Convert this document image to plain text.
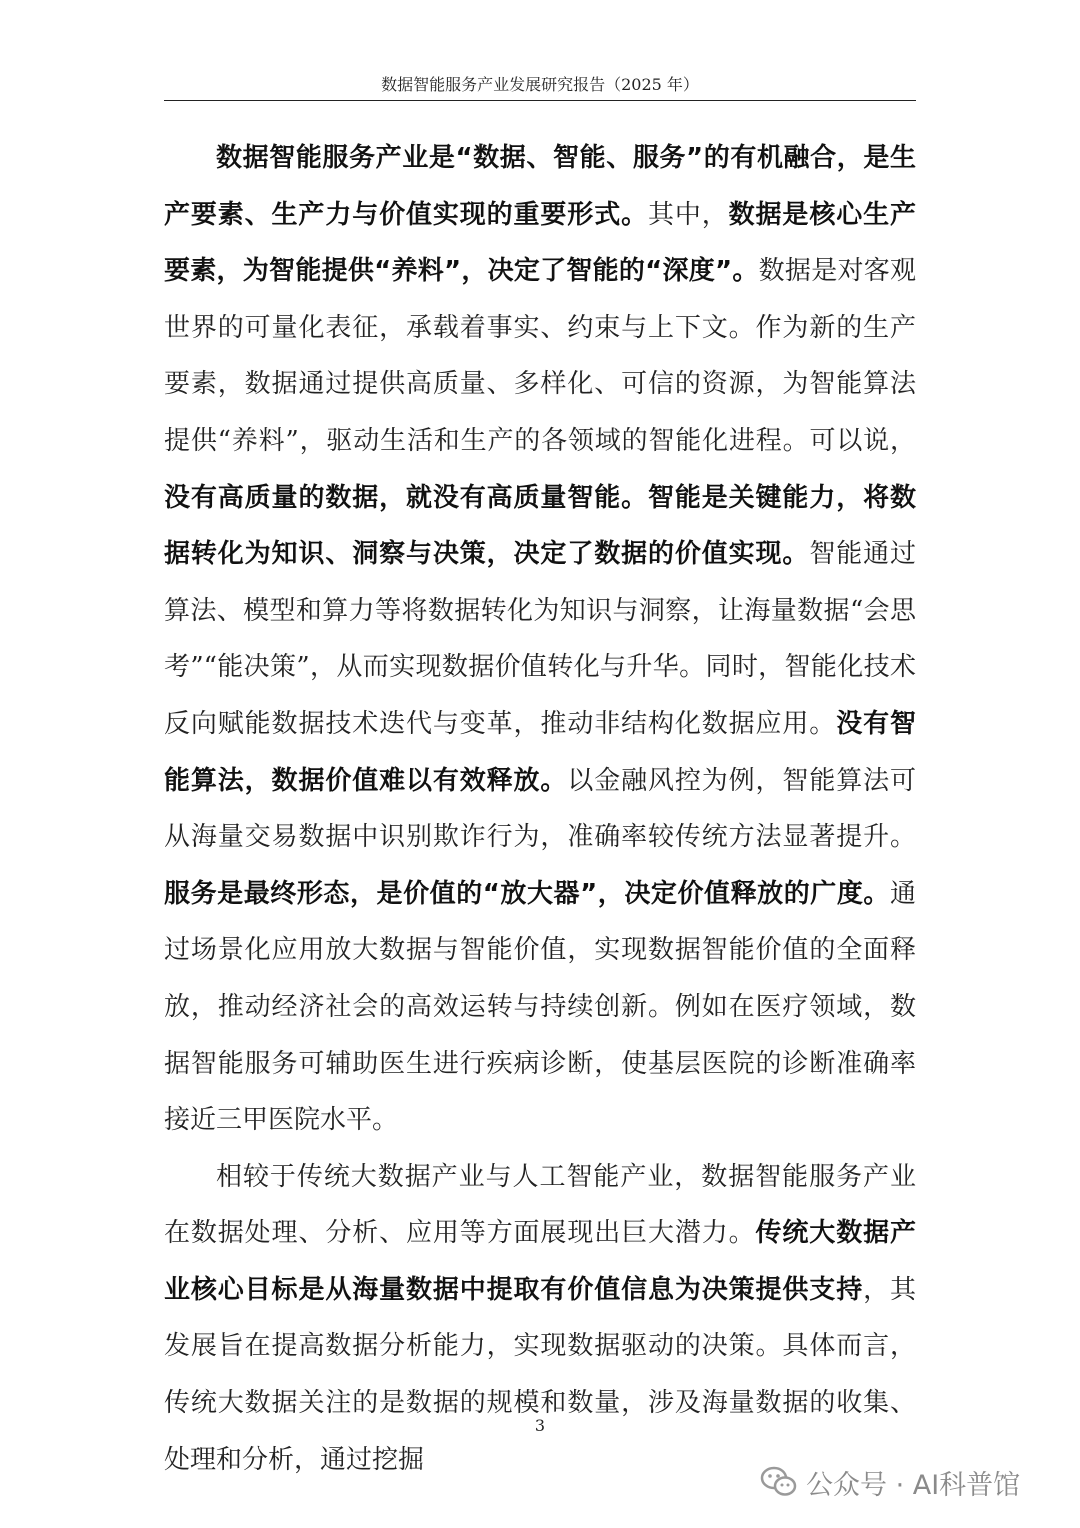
数据智能服务产业发展研究报告（2025 年）

数据智能服务产业是“数据、智能、服务”的有机融合，是生产要素、生产力与价值实现的重要形式。其中，数据是核心生产要素，为智能提供“养料”，决定了智能的“深度”。数据是对客观世界的可量化表征，承载着事实、约束与上下文。作为新的生产要素，数据通过提供高质量、多样化、可信的资源，为智能算法提供“养料”，驱动生活和生产的各领域的智能化进程。可以说，没有高质量的数据，就没有高质量智能。智能是关键能力，将数据转化为知识、洞察与决策，决定了数据的价值实现。智能通过算法、模型和算力等将数据转化为知识与洞察，让海量数据“会思考”“能决策”，从而实现数据价值转化与升华。同时，智能化技术反向赋能数据技术迭代与变革，推动非结构化数据应用。没有智能算法，数据价值难以有效释放。以金融风控为例，智能算法可从海量交易数据中识别欺诈行为，准确率较传统方法显著提升。服务是最终形态，是价值的“放大器”，决定价值释放的广度。通过场景化应用放大数据与智能价值，实现数据智能价值的全面释放，推动经济社会的高效运转与持续创新。例如在医疗领域，数据智能服务可辅助医生进行疾病诊断，使基层医院的诊断准确率接近三甲医院水平。

相较于传统大数据产业与人工智能产业，数据智能服务产业在数据处理、分析、应用等方面展现出巨大潜力。传统大数据产业核心目标是从海量数据中提取有价值信息为决策提供支持，其发展旨在提高数据分析能力，实现数据驱动的决策。具体而言，传统大数据关注的是数据的规模和数量，涉及海量数据的收集、处理和分析，通过挖掘

3
公众号 · AI科普馆
